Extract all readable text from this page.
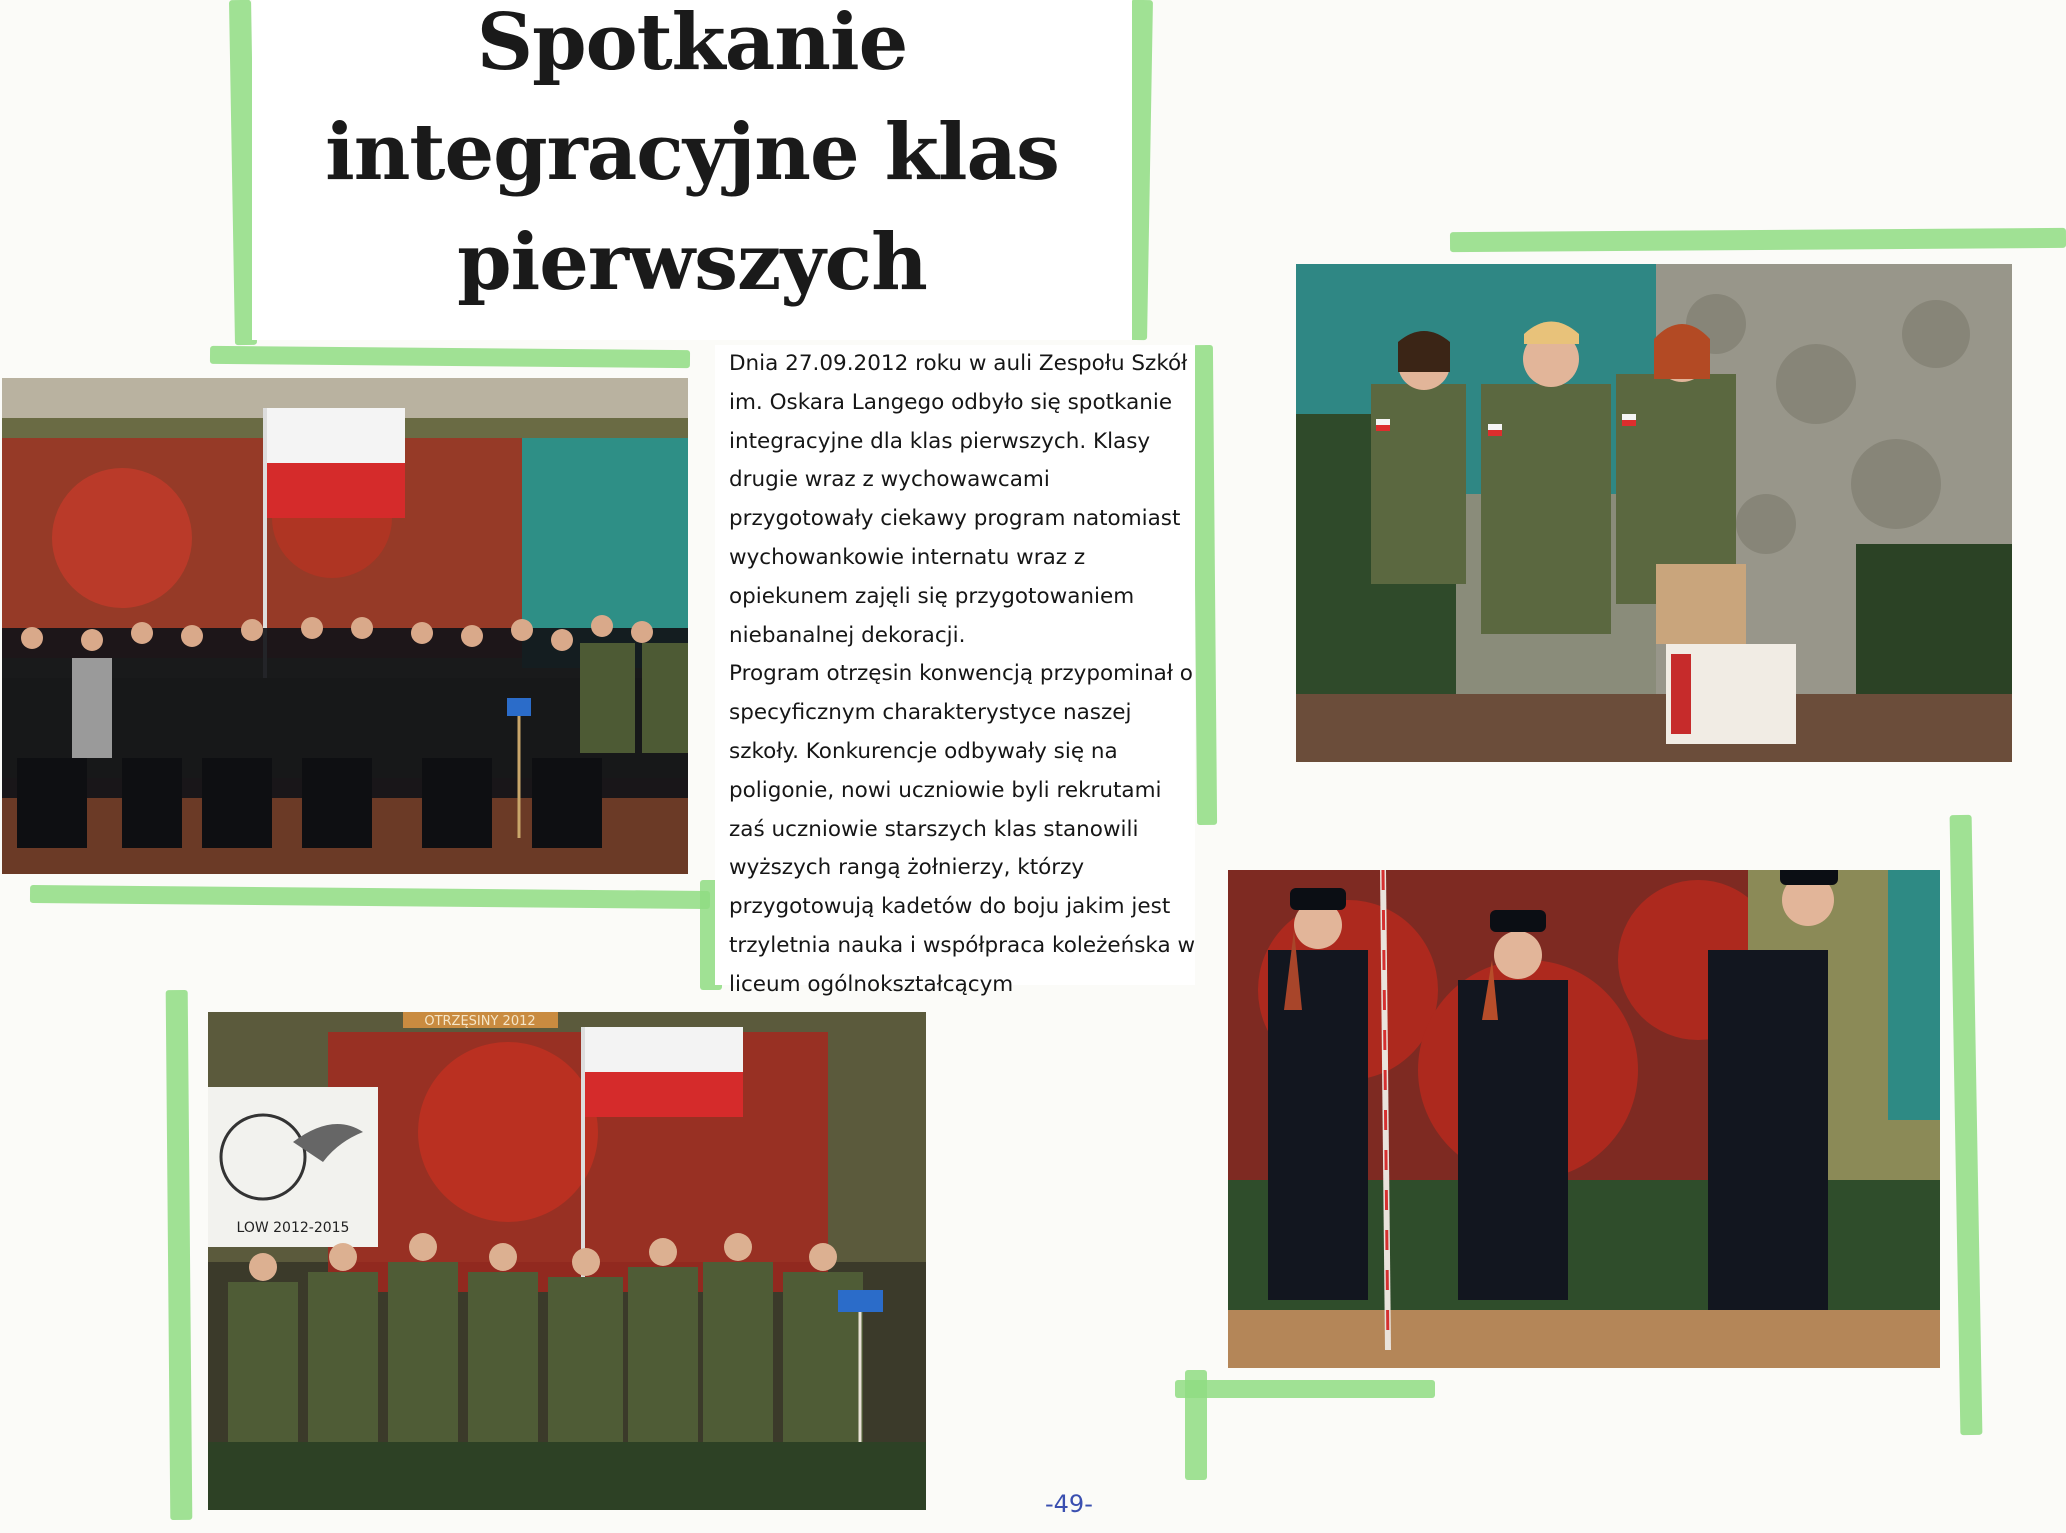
Spotkanie
integracyjne klas
pierwszych
Dnia 27.09.2012 roku w auli Zespołu Szkół im. Oskara Langego odbyło się spotkanie integracyjne dla klas pierwszych. Klasy drugie wraz z wychowawcami przygotowały ciekawy program natomiast wychowankowie internatu wraz z opiekunem zajęli się przygotowaniem niebanalnej dekoracji.
Program otrzęsin konwencją przypominał o specyficznym charakterystyce naszej szkoły. Konkurencje odbywały się na poligonie, nowi uczniowie byli rekrutami zaś uczniowie starszych klas stanowili wyższych rangą żołnierzy, którzy przygotowują kadetów do boju jakim jest trzyletnia nauka i współpraca koleżeńska w liceum ogólnokształcącym
OTRZĘSINY 2012
LOW 2012-2015
-49-
